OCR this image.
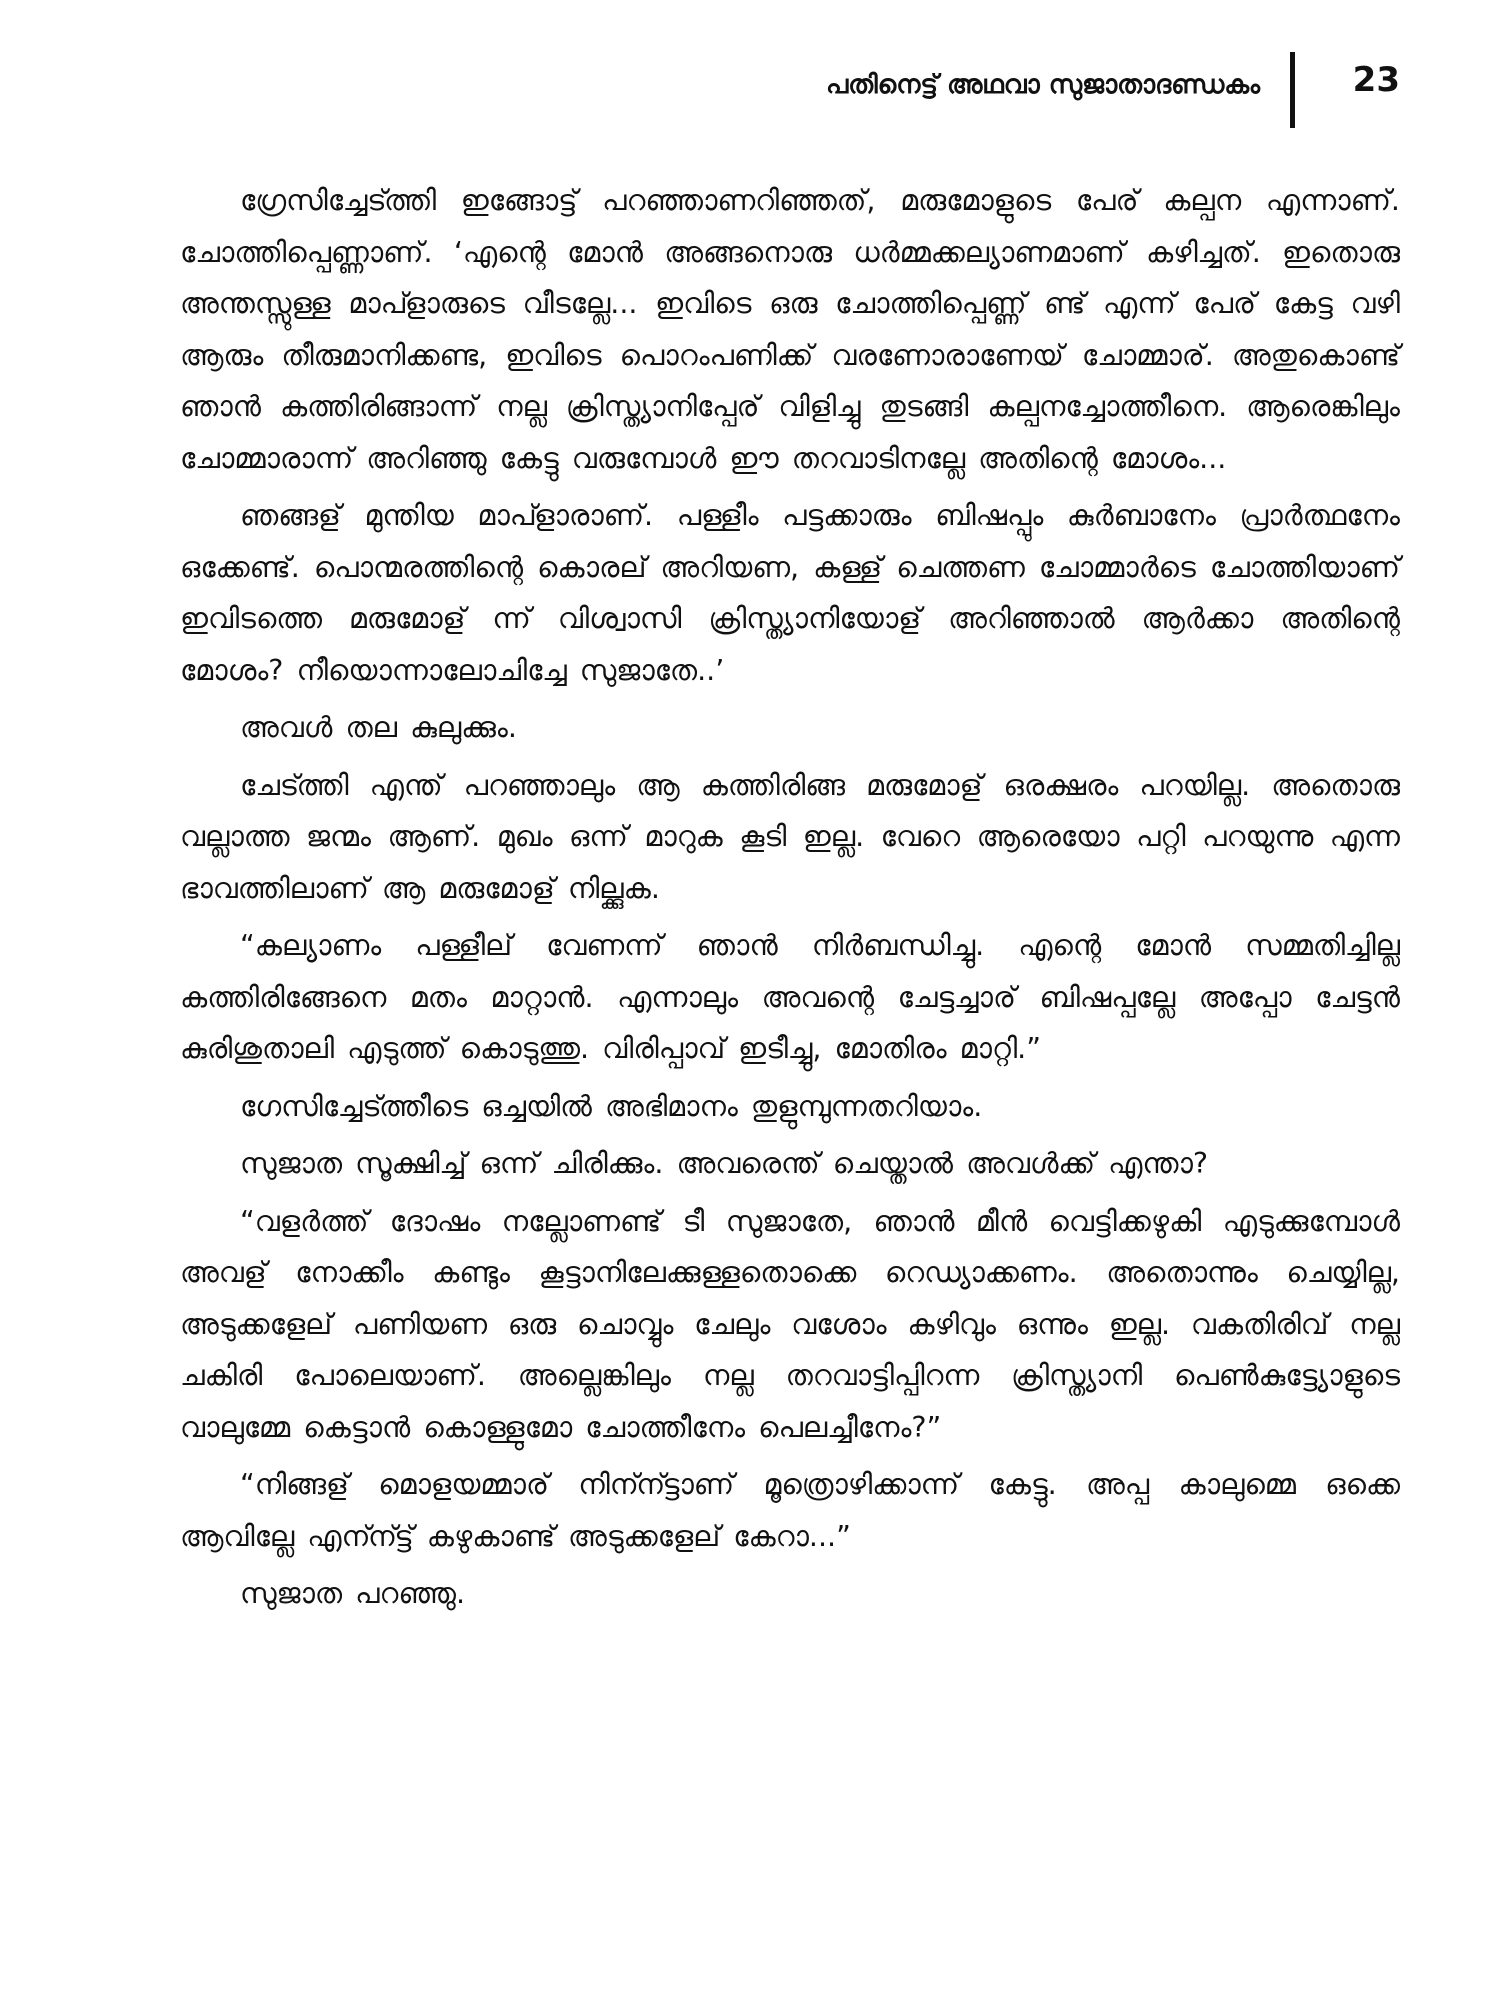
പതിനെട്ട് അഥവാ സുജാതാദണ്ഡകം	23

ഗ്രേസിച്ചേട്ത്തി ഇങ്ങോട്ട് പറഞ്ഞാണറിഞ്ഞത്, മരുമോളുടെ പേര് കല്പന എന്നാണ്. ചോത്തിപ്പെണ്ണാണ്. ‘എന്റെ മോൻ അങ്ങനൊരു ധർമ്മക്കല്യാണമാണ് കഴിച്ചത്. ഇതൊരു അന്തസ്സുള്ള മാപ്ളാരുടെ വീടല്ലേ... ഇവിടെ ഒരു ചോത്തിപ്പെണ്ണ് ണ്ട് എന്ന് പേര് കേട്ട വഴി ആരും തീരുമാനിക്കണ്ട, ഇവിടെ പൊറംപണിക്ക് വരണോരാണേയ് ചോമ്മാര്. അതുകൊണ്ട് ഞാൻ കത്തിരിങ്ങാന്ന് നല്ല ക്രിസ്ത്യാനിപ്പേര് വിളിച്ചു തുടങ്ങി കല്പനച്ചോത്തീനെ. ആരെങ്കിലും ചോമ്മാരാന്ന് അറിഞ്ഞു കേട്ടു വരുമ്പോൾ ഈ തറവാടിനല്ലേ അതിന്റെ മോശം...

ഞങ്ങള് മുന്തിയ മാപ്ളാരാണ്. പള്ളീം പട്ടക്കാരും ബിഷപ്പും കുർബാനേം പ്രാർത്ഥനേം ഒക്കേണ്ട്. പൊന്മരത്തിന്റെ കൊരല് അറിയണ, കള്ള് ചെത്തണ ചോമ്മാർടെ ചോത്തിയാണ് ഇവിടത്തെ മരുമോള് ന്ന് വിശ്വാസി ക്രിസ്ത്യാനിയോള് അറിഞ്ഞാൽ ആർക്കാ അതിന്റെ മോശം? നീയൊന്നാലോചിച്ചേ സുജാതേ..’

അവൾ തല കുലുക്കും.

ചേട്ത്തി എന്ത് പറഞ്ഞാലും ആ കത്തിരിങ്ങ മരുമോള് ഒരക്ഷരം പറയില്ല. അതൊരു വല്ലാത്ത ജന്മം ആണ്. മുഖം ഒന്ന് മാറുക കൂടി ഇല്ല. വേറെ ആരെയോ പറ്റി പറയുന്നു എന്ന ഭാവത്തിലാണ് ആ മരുമോള് നില്ക്കുക.

“കല്യാണം പള്ളീല് വേണന്ന് ഞാൻ നിർബന്ധിച്ചു. എന്റെ മോൻ സമ്മതിച്ചില്ല കത്തിരിങ്ങേനെ മതം മാറ്റാൻ. എന്നാലും അവന്റെ ചേട്ടച്ചാര് ബിഷപ്പല്ലേ അപ്പോ ചേട്ടൻ കുരിശുതാലി എടുത്ത് കൊടുത്തു. വിരിപ്പാവ് ഇടീച്ചു, മോതിരം മാറ്റി.”

ഗേസിച്ചേട്ത്തീടെ ഒച്ചയിൽ അഭിമാനം തുളുമ്പുന്നതറിയാം.

സുജാത സൂക്ഷിച്ച് ഒന്ന് ചിരിക്കും. അവരെന്ത് ചെയ്താൽ അവൾക്ക് എന്താ?

“വളർത്ത് ദോഷം നല്ലോണണ്ട് ടീ സുജാതേ, ഞാൻ മീൻ വെട്ടിക്കഴുകി എടുക്കുമ്പോൾ അവള് നോക്കീം കണ്ടും കൂട്ടാനിലേക്കുള്ളതൊക്കെ റെഡ്യാക്കണം. അതൊന്നും ചെയ്യില്ല, അടുക്കളേല് പണിയണ ഒരു ചൊവ്വും ചേലും വശോം കഴിവും ഒന്നും ഇല്ല. വകതിരിവ് നല്ല ചകിരി പോലെയാണ്. അല്ലെങ്കിലും നല്ല തറവാട്ടിപ്പിറന്ന ക്രിസ്ത്യാനി പെൺകുട്ട്യോളുടെ വാലുമ്മേ കെട്ടാൻ കൊള്ളുമോ ചോത്തീനേം പെലച്ചീനേം?”

“നിങ്ങള് മൊളയമ്മാര് നിന്ന്ട്ടാണ് മൂത്രൊഴിക്കാന്ന് കേട്ടു. അപ്പ കാലുമ്മെ ഒക്കെ ആവില്ലേ എന്ന്ട്ട് കഴുകാണ്ട് അടുക്കളേല് കേറാ...”

സുജാത പറഞ്ഞു.
